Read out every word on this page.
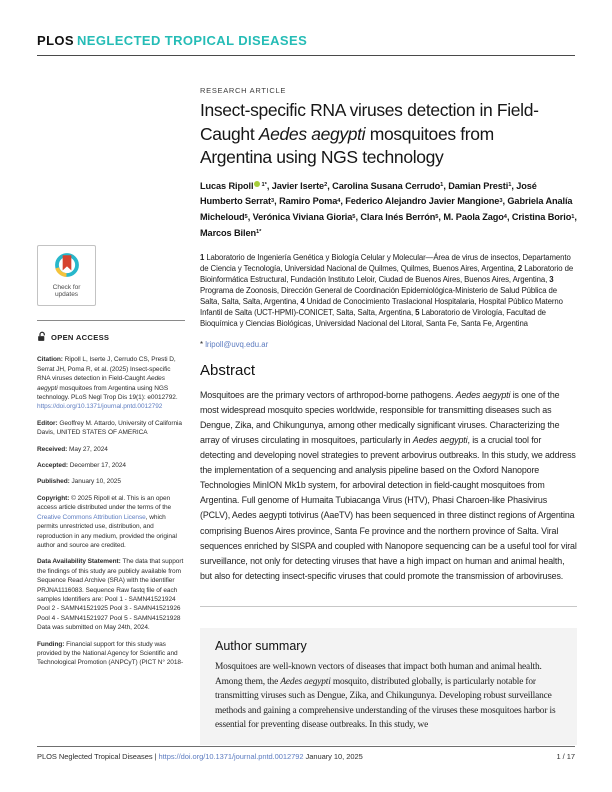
PLOS NEGLECTED TROPICAL DISEASES
Check for
updates
OPEN ACCESS

Citation: Ripoll L, Iserte J, Cerrudo CS, Presti D, Serrat JH, Poma R, et al. (2025) Insect-specific RNA viruses detection in Field-Caught Aedes aegypti mosquitoes from Argentina using NGS technology. PLoS Negl Trop Dis 19(1): e0012792. https://doi.org/10.1371/journal.pntd.0012792

Editor: Geoffrey M. Attardo, University of California Davis, UNITED STATES OF AMERICA

Received: May 27, 2024

Accepted: December 17, 2024

Published: January 10, 2025

Copyright: © 2025 Ripoll et al. This is an open access article distributed under the terms of the Creative Commons Attribution License, which permits unrestricted use, distribution, and reproduction in any medium, provided the original author and source are credited.

Data Availability Statement: The data that support the findings of this study are publicly available from Sequence Read Archive (SRA) with the identifier PRJNA1116083. Sequence Raw fastq file of each samples Identifiers are: Pool 1 - SAMN41521924 Pool 2 - SAMN41521925 Pool 3 - SAMN41521926 Pool 4 - SAMN41521927 Pool 5 - SAMN41521928 Data was submitted on May 24th, 2024.

Funding: Financial support for this study was provided by the National Agency for Scientific and Technological Promotion (ANPCyT) (PICT N° 2018-

RESEARCH ARTICLE
Insect-specific RNA viruses detection in Field-
Caught Aedes aegypti mosquitoes from
Argentina using NGS technology
Lucas Ripoll $^{1*}$, Javier Iserte$^2$, Carolina Susana Cerrudo$^1$, Damian Presti$^1$, José Humberto Serrat$^3$, Ramiro Poma$^4$, Federico Alejandro Javier Mangione$^3$, Gabriela Analía Micheloud$^5$, Verónica Viviana Gioria$^5$, Clara Inés Berrón$^5$, M. Paola Zago$^4$, Cristina Borio$^1$, Marcos Bilen$^{1*}$
1 Laboratorio de Ingeniería Genética y Biología Celular y Molecular—Área de virus de insectos, Departamento de Ciencia y Tecnología, Universidad Nacional de Quilmes, Quilmes, Buenos Aires, Argentina, 2 Laboratorio de Bioinformática Estructural, Fundación Instituto Leloir, Ciudad de Buenos Aires, Buenos Aires, Argentina, 3 Programa de Zoonosis, Dirección General de Coordinación Epidemiológica-Ministerio de Salud Pública de Salta, Salta, Salta, Argentina, 4 Unidad de Conocimiento Traslacional Hospitalaria, Hospital Público Materno Infantil de Salta (UCT-HPMI)-CONICET, Salta, Salta, Argentina, 5 Laboratorio de Virología, Facultad de Bioquímica y Ciencias Biológicas, Universidad Nacional del Litoral, Santa Fe, Santa Fe, Argentina
* lripoll@uvq.edu.ar
Abstract

Mosquitoes are the primary vectors of arthropod-borne pathogens. Aedes aegypti is one of the most widespread mosquito species worldwide, responsible for transmitting diseases such as Dengue, Zika, and Chikungunya, among other medically significant viruses. Characterizing the array of viruses circulating in mosquitoes, particularly in Aedes aegypti, is a crucial tool for detecting and developing novel strategies to prevent arbovirus outbreaks. In this study, we address the implementation of a sequencing and analysis pipeline based on the Oxford Nanopore Technologies MinION Mk1b system, for arboviral detection in field-caught mosquitoes from Argentina. Full genome of Humaita Tubiacanga Virus (HTV), Phasi Charoen-like Phasivirus (PCLV), Aedes aegypti totivirus (AaeTV) has been sequenced in three distinct regions of Argentina comprising Buenos Aires province, Santa Fe province and the northern province of Salta. Viral sequences enriched by SISPA and coupled with Nanopore sequencing can be a useful tool for viral surveillance, not only for detecting viruses that have a high impact on human and animal health, but also for detecting insect-specific viruses that could promote the transmission of arboviruses.

Author summary

Mosquitoes are well-known vectors of diseases that impact both human and animal health. Among them, the Aedes aegypti mosquito, distributed globally, is particularly notable for transmitting viruses such as Dengue, Zika, and Chikungunya. Developing robust surveillance methods and gaining a comprehensive understanding of the viruses these mosquitoes harbor is essential for preventing disease outbreaks. In this study, we

PLOS Neglected Tropical Diseases | https://doi.org/10.1371/journal.pntd.0012792 January 10, 2025	1 / 17
